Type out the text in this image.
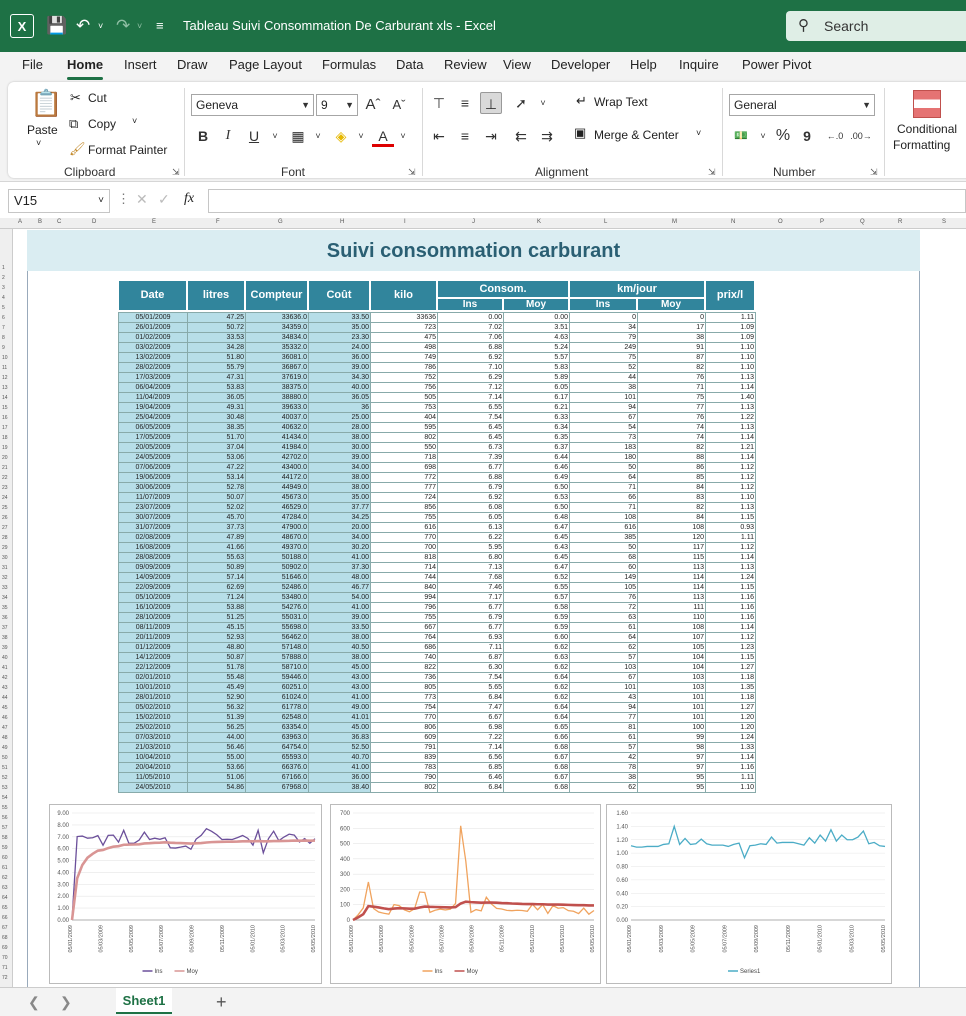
X	💾 ↶ ˅ ↷ ˅ ≡ Tableau Suivi Consommation De Carburant xls - Excel	⚲ Search
File Home Insert Draw Page Layout Formulas Data Review View Developer Help Inquire Power Pivot
📋
Paste
˅
✂ Cut
⧉ Copy ˅
🖌 Format Painter
Clipboard	⇲
Geneva	▼ 9 ▼ Aˆ Aˇ
B	I	U	˅ ▦	˅	◈	˅	A	˅
Font	⇲
⊤	≡	⊥	➚	˅
⇤	≡	⇥	⇇	⇉
↵ Wrap Text
▣ Merge & Center ˅
Alignment	⇲
General	▼
💵	˅ % 9	←.0 .00→
Number	⇲
Conditional
Formatting
V15	˅ ⋮ ✕ ✓ fx
A	B C	D	E	F	G	H	I	J	K	L	M	N	O	P	Q	R	S
1
2
3
4
5
6
7
8
9
10
11
12
13
14
15
16
17
18
19
20
21
22
23
24
25
26
27
28
29
30
31
32
33
34
35
36
37
38
39
40
41
42
43
44
45
46
47
48
49
50
51
52
53
54
55
56
57
58
59
60
61
62
63
64
65
66
67
68
69
70
71
72
Suivi consommation carburant
Date	litres	Compteur	Coût	kilo	Consom.
Ins	Moy
km/jour
Ins	Moy
prix/l
05/01/2009	47.25	33636.0	33.50	33636	0.00	0.00	0	0	1.11
26/01/2009	50.72	34359.0	35.00	723	7.02	3.51	34	17	1.09
01/02/2009	33.53	34834.0	23.30	475	7.06	4.63	79	38	1.09
03/02/2009	34.28	35332.0	24.00	498	6.88	5.24	249	91	1.10
13/02/2009	51.80	36081.0	36.00	749	6.92	5.57	75	87	1.10
28/02/2009	55.79	36867.0	39.00	786	7.10	5.83	52	82	1.10
17/03/2009	47.31	37619.0	34.30	752	6.29	5.89	44	76	1.13
06/04/2009	53.83	38375.0	40.00	756	7.12	6.05	38	71	1.14
11/04/2009	36.05	38880.0	36.05	505	7.14	6.17	101	75	1.40
19/04/2009	49.31	39633.0	36	753	6.55	6.21	94	77	1.13
25/04/2009	30.48	40037.0	25.00	404	7.54	6.33	67	76	1.22
06/05/2009	38.35	40632.0	28.00	595	6.45	6.34	54	74	1.13
17/05/2009	51.70	41434.0	38.00	802	6.45	6.35	73	74	1.14
20/05/2009	37.04	41984.0	30.00	550	6.73	6.37	183	82	1.21
24/05/2009	53.06	42702.0	39.00	718	7.39	6.44	180	88	1.14
07/06/2009	47.22	43400.0	34.00	698	6.77	6.46	50	86	1.12
19/06/2009	53.14	44172.0	38.00	772	6.88	6.49	64	85	1.12
30/06/2009	52.78	44949.0	38.00	777	6.79	6.50	71	84	1.12
11/07/2009	50.07	45673.0	35.00	724	6.92	6.53	66	83	1.10
23/07/2009	52.02	46529.0	37.77	856	6.08	6.50	71	82	1.13
30/07/2009	45.70	47284.0	34.25	755	6.05	6.48	108	84	1.15
31/07/2009	37.73	47900.0	20.00	616	6.13	6.47	616	108	0.93
02/08/2009	47.89	48670.0	34.00	770	6.22	6.45	385	120	1.11
16/08/2009	41.66	49370.0	30.20	700	5.95	6.43	50	117	1.12
28/08/2009	55.63	50188.0	41.00	818	6.80	6.45	68	115	1.14
09/09/2009	50.89	50902.0	37.30	714	7.13	6.47	60	113	1.13
14/09/2009	57.14	51646.0	48.00	744	7.68	6.52	149	114	1.24
22/09/2009	62.69	52486.0	46.77	840	7.46	6.55	105	114	1.15
05/10/2009	71.24	53480.0	54.00	994	7.17	6.57	76	113	1.16
16/10/2009	53.88	54276.0	41.00	796	6.77	6.58	72	111	1.16
28/10/2009	51.25	55031.0	39.00	755	6.79	6.59	63	110	1.16
08/11/2009	45.15	55698.0	33.50	667	6.77	6.59	61	108	1.14
20/11/2009	52.93	56462.0	38.00	764	6.93	6.60	64	107	1.12
01/12/2009	48.80	57148.0	40.50	686	7.11	6.62	62	105	1.23
14/12/2009	50.87	57888.0	38.00	740	6.87	6.63	57	104	1.15
22/12/2009	51.78	58710.0	45.00	822	6.30	6.62	103	104	1.27
02/01/2010	55.48	59446.0	43.00	736	7.54	6.64	67	103	1.18
10/01/2010	45.49	60251.0	43.00	805	5.65	6.62	101	103	1.35
28/01/2010	52.90	61024.0	41.00	773	6.84	6.62	43	101	1.18
05/02/2010	56.32	61778.0	49.00	754	7.47	6.64	94	101	1.27
15/02/2010	51.39	62548.0	41.01	770	6.67	6.64	77	101	1.20
25/02/2010	56.25	63354.0	45.00	806	6.98	6.65	81	100	1.20
07/03/2010	44.00	63963.0	36.83	609	7.22	6.66	61	99	1.24
21/03/2010	56.46	64754.0	52.50	791	7.14	6.68	57	98	1.33
10/04/2010	55.00	65593.0	40.70	839	6.56	6.67	42	97	1.14
20/04/2010	53.66	66376.0	41.00	783	6.85	6.68	78	97	1.16
11/05/2010	51.06	67166.0	36.00	790	6.46	6.67	38	95	1.11
24/05/2010	54.86	67968.0	38.40	802	6.84	6.68	62	95	1.10
0.00
1.00
2.00
3.00
4.00
5.00
6.00
7.00
8.00
9.00
05/01/2009	05/03/2009	05/05/2009	05/07/2009	05/09/2009	05/11/2009	05/01/2010	05/03/2010	05/05/2010
Ins	Moy
0
100
200
300
400
500
600
700
05/01/2009	05/03/2009	05/05/2009	05/07/2009	05/09/2009	05/11/2009	05/01/2010	05/03/2010	05/05/2010
Ins	Moy
0.00
0.20
0.40
0.60
0.80
1.00
1.20
1.40
1.60
05/01/2009	05/03/2009	05/05/2009	05/07/2009	05/09/2009	05/11/2009	05/01/2010	05/03/2010	05/05/2010
Series1
❮ ❯	Sheet1	+
